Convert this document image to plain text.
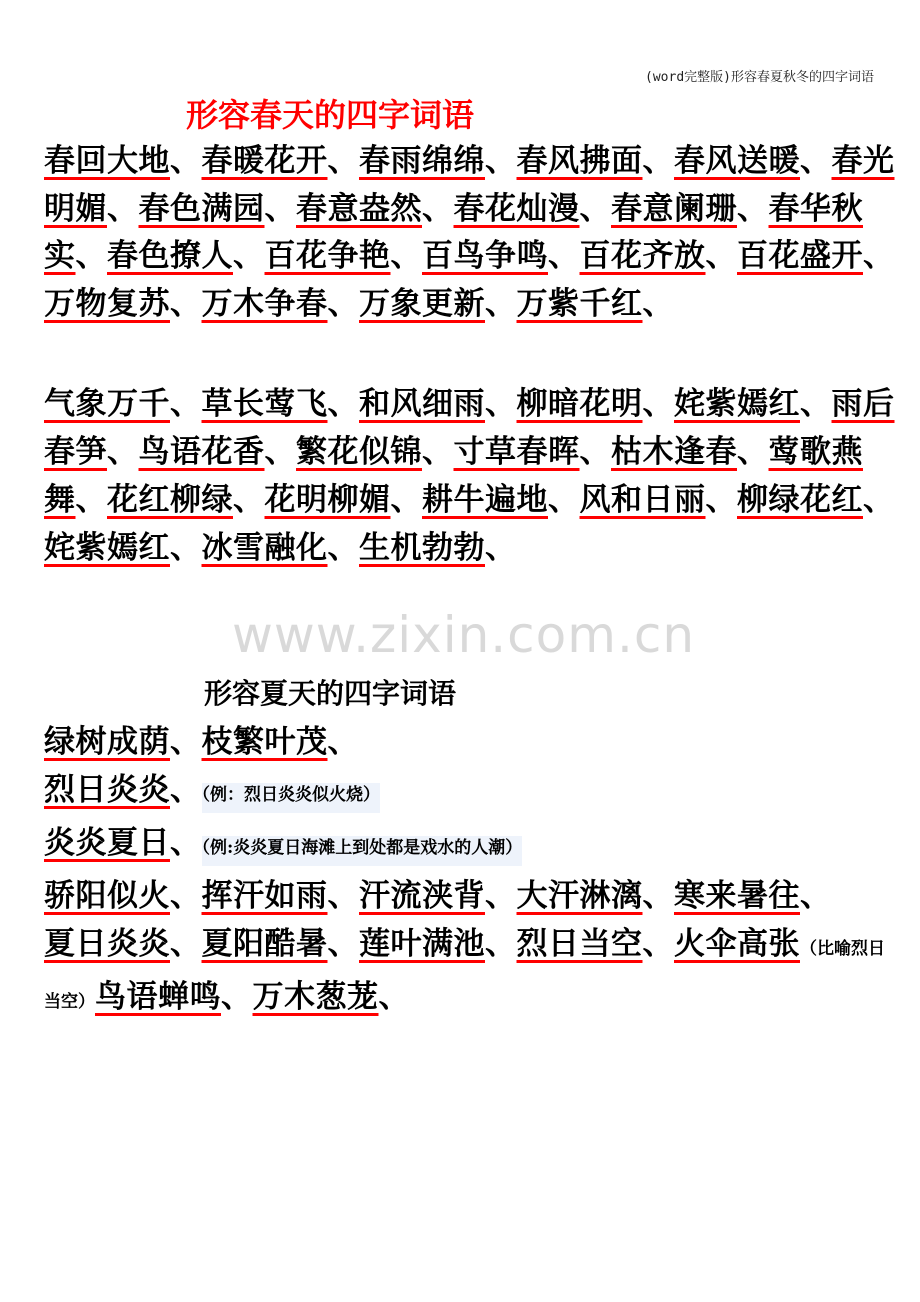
(word完整版)形容春夏秋冬的四字词语
形容春天的四字词语
春回大地、春暖花开、春雨绵绵、春风拂面、春风送暖、春光明媚、春色满园、春意盎然、春花灿漫、春意阑珊、春华秋实、春色撩人、百花争艳、百鸟争鸣、百花齐放、百花盛开、万物复苏、万木争春、万象更新、万紫千红、
气象万千、草长莺飞、和风细雨、柳暗花明、姹紫嫣红、雨后春笋、鸟语花香、繁花似锦、寸草春晖、枯木逢春、莺歌燕舞、花红柳绿、花明柳媚、耕牛遍地、风和日丽、柳绿花红、姹紫嫣红、冰雪融化、生机勃勃、
www.zixin.com.cn
形容夏天的四字词语
绿树成荫、枝繁叶茂、
烈日炎炎、（例：烈日炎炎似火烧）
炎炎夏日、（例:炎炎夏日海滩上到处都是戏水的人潮）
骄阳似火、挥汗如雨、汗流浃背、大汗淋漓、寒来暑往、
夏日炎炎、夏阳酷暑、莲叶满池、烈日当空、火伞高张（比喻烈日当空）鸟语蝉鸣、万木葱茏、
